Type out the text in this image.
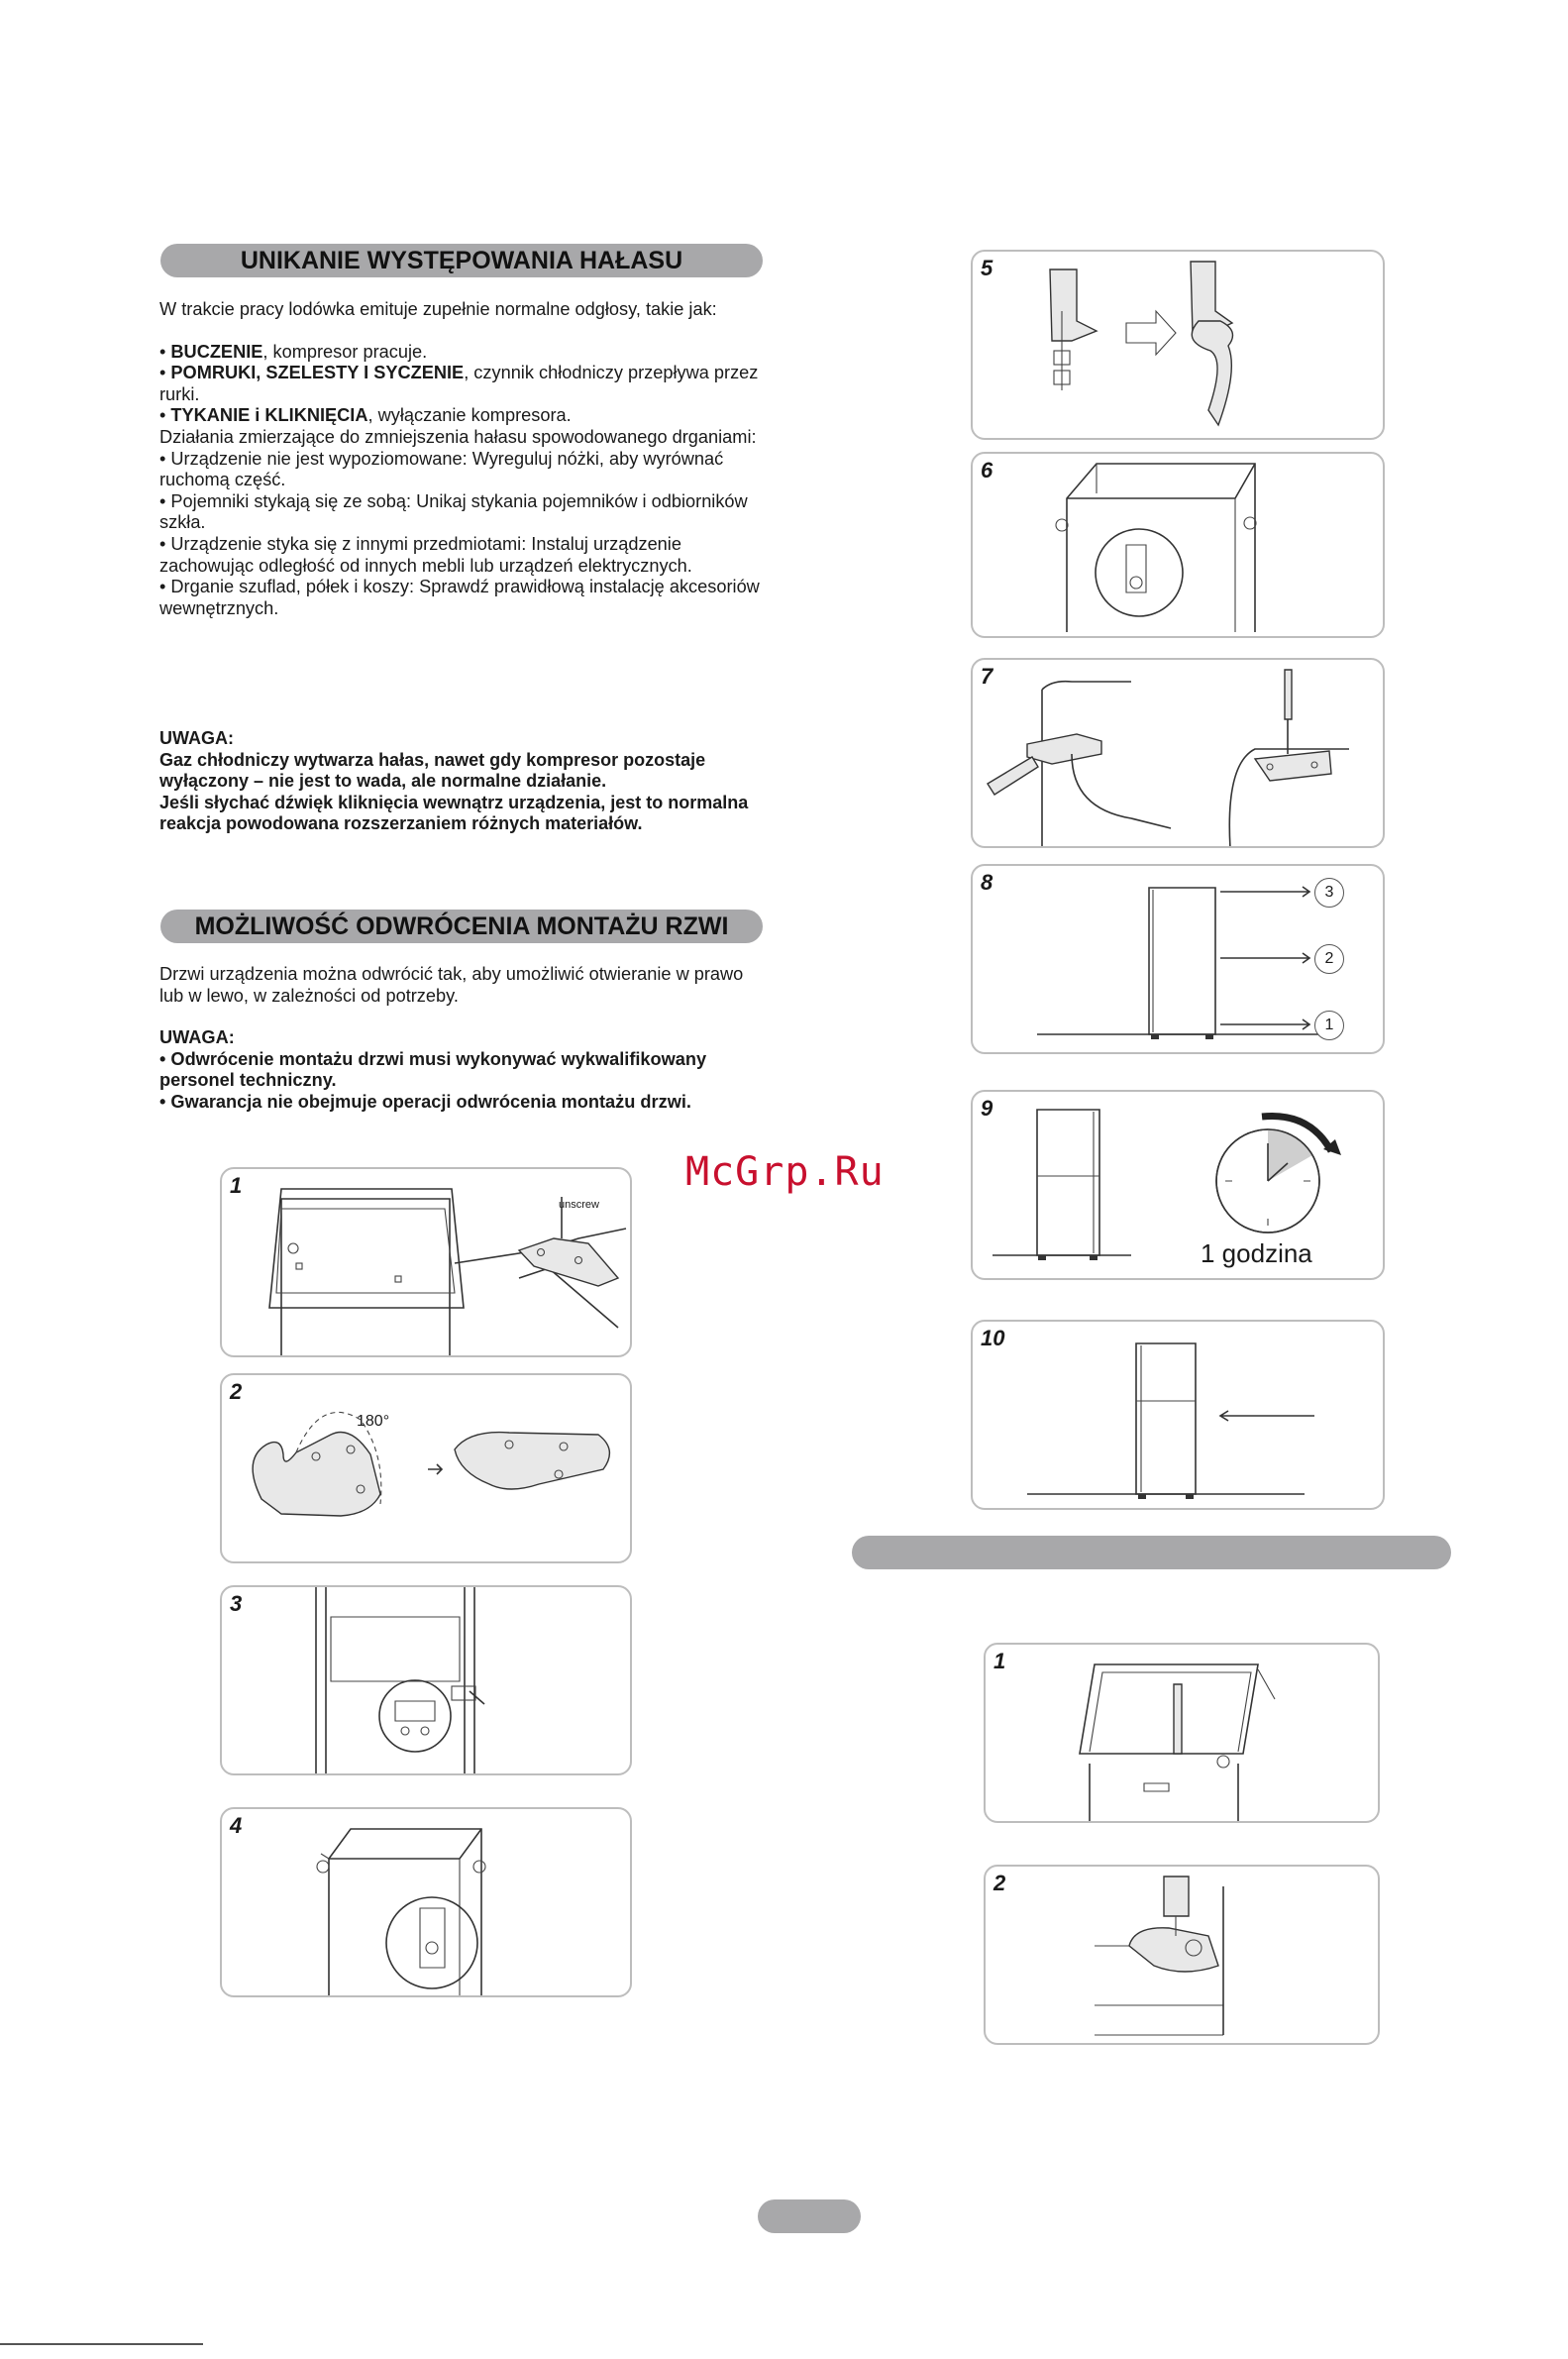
UNIKANIE WYSTĘPOWANIA HAŁASU

W trakcie pracy lodówka emituje zupełnie normalne odgłosy, takie jak:

• BUCZENIE, kompresor pracuje.

• POMRUKI, SZELESTY I SYCZENIE, czynnik chłodniczy przepływa przez rurki.

• TYKANIE i KLIKNIĘCIA, wyłączanie kompresora.

Działania zmierzające do zmniejszenia hałasu spowodowanego drganiami:

• Urządzenie nie jest wypoziomowane: Wyreguluj nóżki, aby wyrównać ruchomą część.

• Pojemniki stykają się ze sobą: Unikaj stykania pojemników i odbiorników szkła.

• Urządzenie styka się z innymi przedmiotami: Instaluj urządzenie zachowując odległość od innych mebli lub urządzeń elektrycznych.

• Drganie szuflad, półek i koszy: Sprawdź prawidłową instalację akcesoriów wewnętrznych.

UWAGA:

Gaz chłodniczy wytwarza hałas, nawet gdy kompresor pozostaje wyłączony – nie jest to wada, ale normalne działanie.

Jeśli słychać dźwięk kliknięcia wewnątrz urządzenia, jest to normalna reakcja powodowana rozszerzaniem różnych materiałów.

MOŻLIWOŚĆ ODWRÓCENIA MONTAŻU RZWI

Drzwi urządzenia można odwrócić tak, aby umożliwić otwieranie w prawo lub w lewo, w zależności od potrzeby.

UWAGA:

• Odwrócenie montażu drzwi musi wykonywać wykwalifikowany personel techniczny.

• Gwarancja nie obejmuje operacji odwrócenia montażu drzwi.

McGrp.Ru
1
unscrew
2
180°
3
4
5
6
7
8	3
2
1
9
1 godzina
10
1
2
